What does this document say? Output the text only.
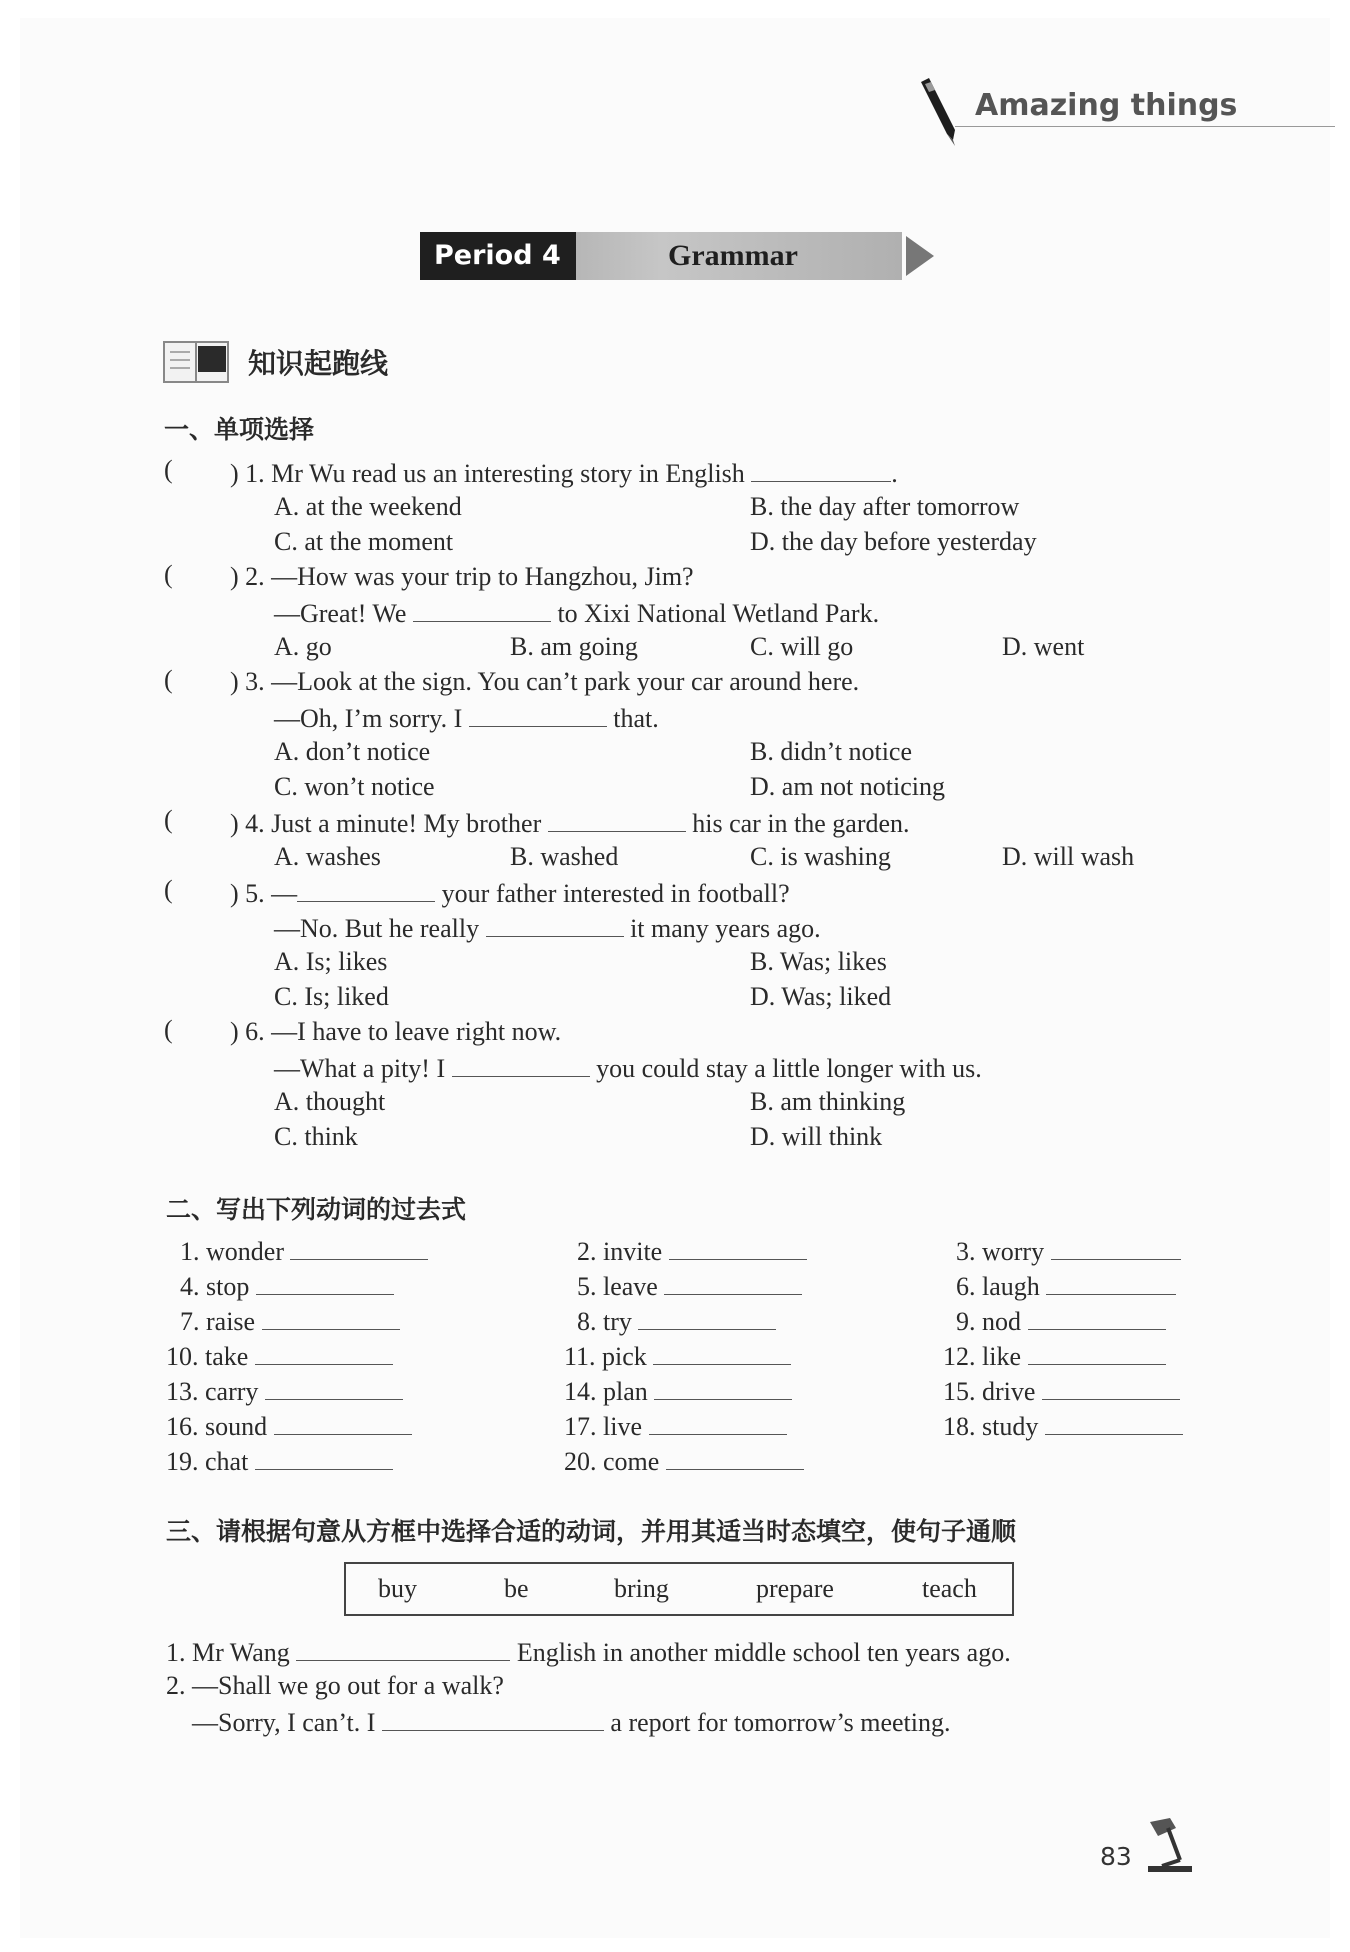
Amazing things
Period 4	Grammar
知识起跑线
一、单项选择
( ) 1. Mr Wu read us an interesting story in English	.
A. at the weekend	B. the day after tomorrow
C. at the moment	D. the day before yesterday
( ) 2. —How was your trip to Hangzhou, Jim?
—Great! We	to Xixi National Wetland Park.
A. go	B. am going	C. will go	D. went
( ) 3. —Look at the sign. You can’t park your car around here.
—Oh, I’m sorry. I	that.
A. don’t notice	B. didn’t notice
C. won’t notice	D. am not noticing
( ) 4. Just a minute! My brother	his car in the garden.
A. washes	B. washed	C. is washing	D. will wash
( ) 5. —	your father interested in football?
—No. But he really	it many years ago.
A. Is; likes	B. Was; likes
C. Is; liked	D. Was; liked
( ) 6. —I have to leave right now.
—What a pity! I	you could stay a little longer with us.
A. thought	B. am thinking
C. think	D. will think
二、写出下列动词的过去式
1. wonder	2. invite	3. worry
4. stop	5. leave	6. laugh
7. raise	8. try	9. nod
10. take	11. pick	12. like
13. carry	14. plan	15. drive
16. sound	17. live	18. study
19. chat	20. come
三、请根据句意从方框中选择合适的动词，并用其适当时态填空，使句子通顺
buy	be	bring	prepare	teach
1. Mr Wang	English in another middle school ten years ago.
2. —Shall we go out for a walk?
—Sorry, I can’t. I	a report for tomorrow’s meeting.
83
